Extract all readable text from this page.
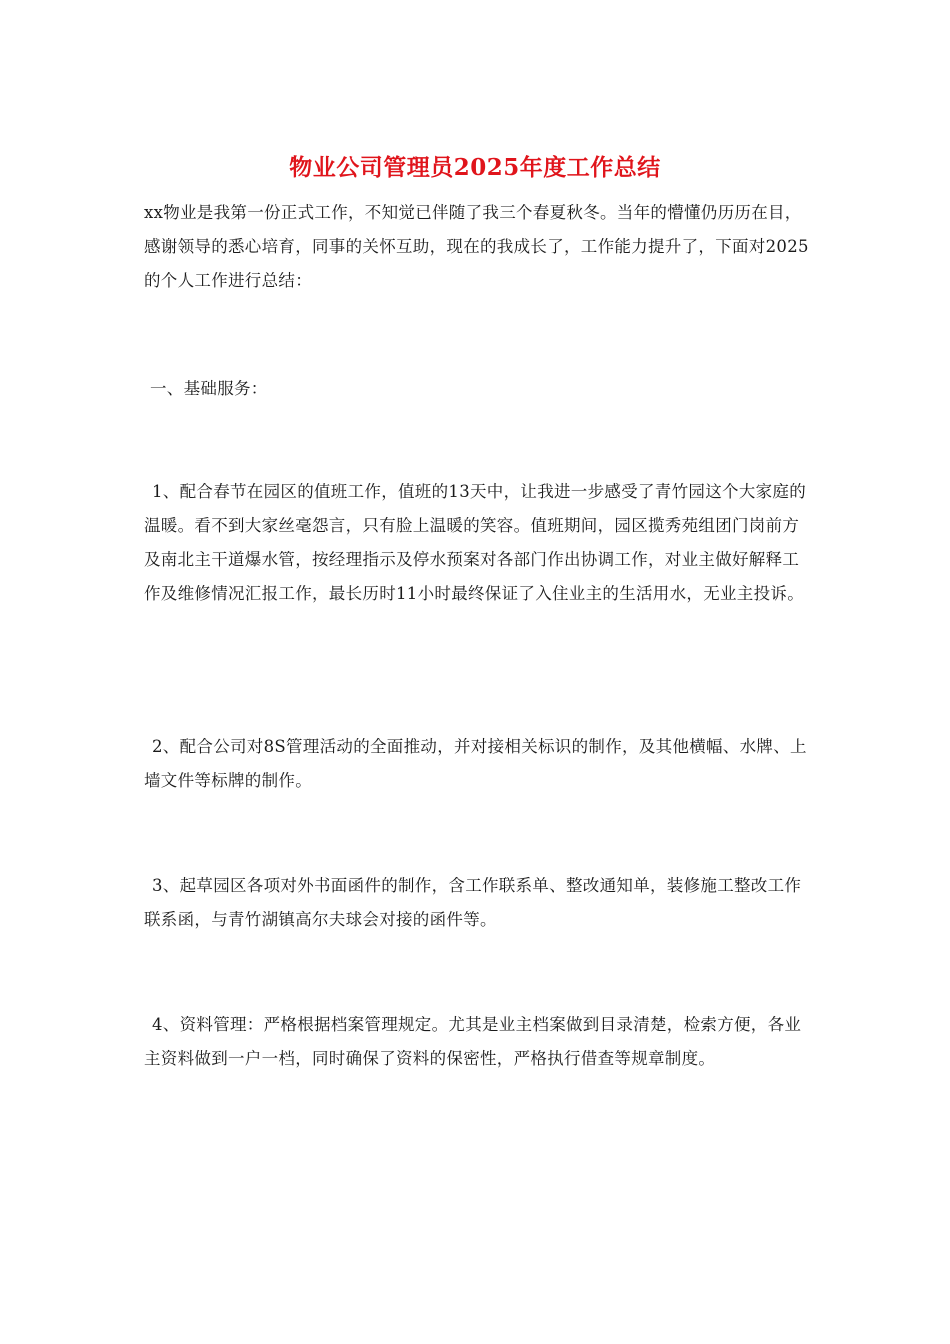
物业公司管理员2025年度工作总结

xx物业是我第一份正式工作，不知觉已伴随了我三个春夏秋冬。当年的懵懂仍历历在目，感谢领导的悉心培育，同事的关怀互助，现在的我成长了，工作能力提升了，下面对2025的个人工作进行总结：

一、基础服务：

1、配合春节在园区的值班工作，值班的13天中，让我进一步感受了青竹园这个大家庭的温暖。看不到大家丝毫怨言，只有脸上温暖的笑容。值班期间，园区揽秀苑组团门岗前方及南北主干道爆水管，按经理指示及停水预案对各部门作出协调工作，对业主做好解释工作及维修情况汇报工作，最长历时11小时最终保证了入住业主的生活用水，无业主投诉。

2、配合公司对8S管理活动的全面推动，并对接相关标识的制作，及其他横幅、水牌、上墙文件等标牌的制作。

3、起草园区各项对外书面函件的制作，含工作联系单、整改通知单，装修施工整改工作联系函，与青竹湖镇高尔夫球会对接的函件等。

4、资料管理：严格根据档案管理规定。尤其是业主档案做到目录清楚，检索方便，各业主资料做到一户一档，同时确保了资料的保密性，严格执行借查等规章制度。
